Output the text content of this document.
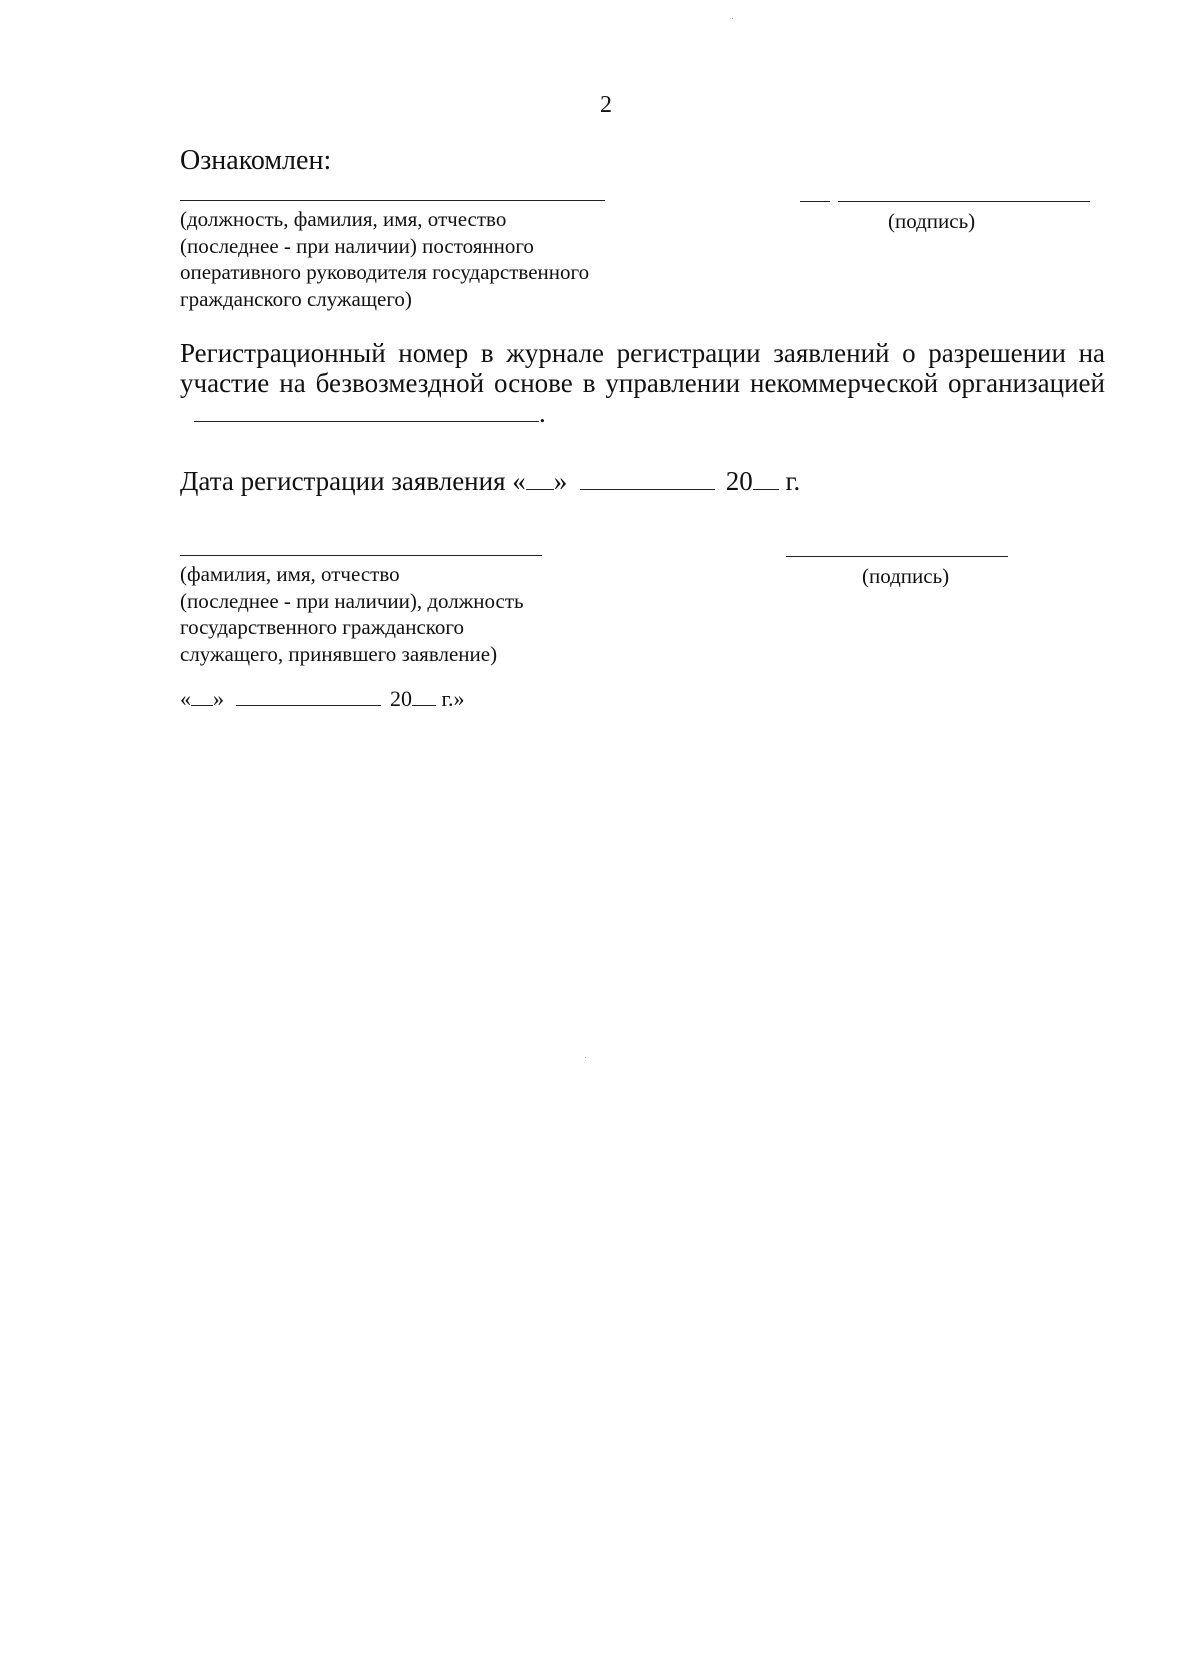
2
Ознакомлен:
(должность, фамилия, имя, отчество
(последнее - при наличии) постоянного
оперативного руководителя государственного
гражданского служащего)
(подпись)
Регистрационный номер в журнале регистрации заявлений о разрешении на участие на безвозмездной основе в управлении некоммерческой организацией.
Дата регистрации заявления « »	20 г.
(фамилия, имя, отчество
(последнее - при наличии), должность
государственного гражданского
служащего, принявшего заявление)
(подпись)
« »	20 г.»
